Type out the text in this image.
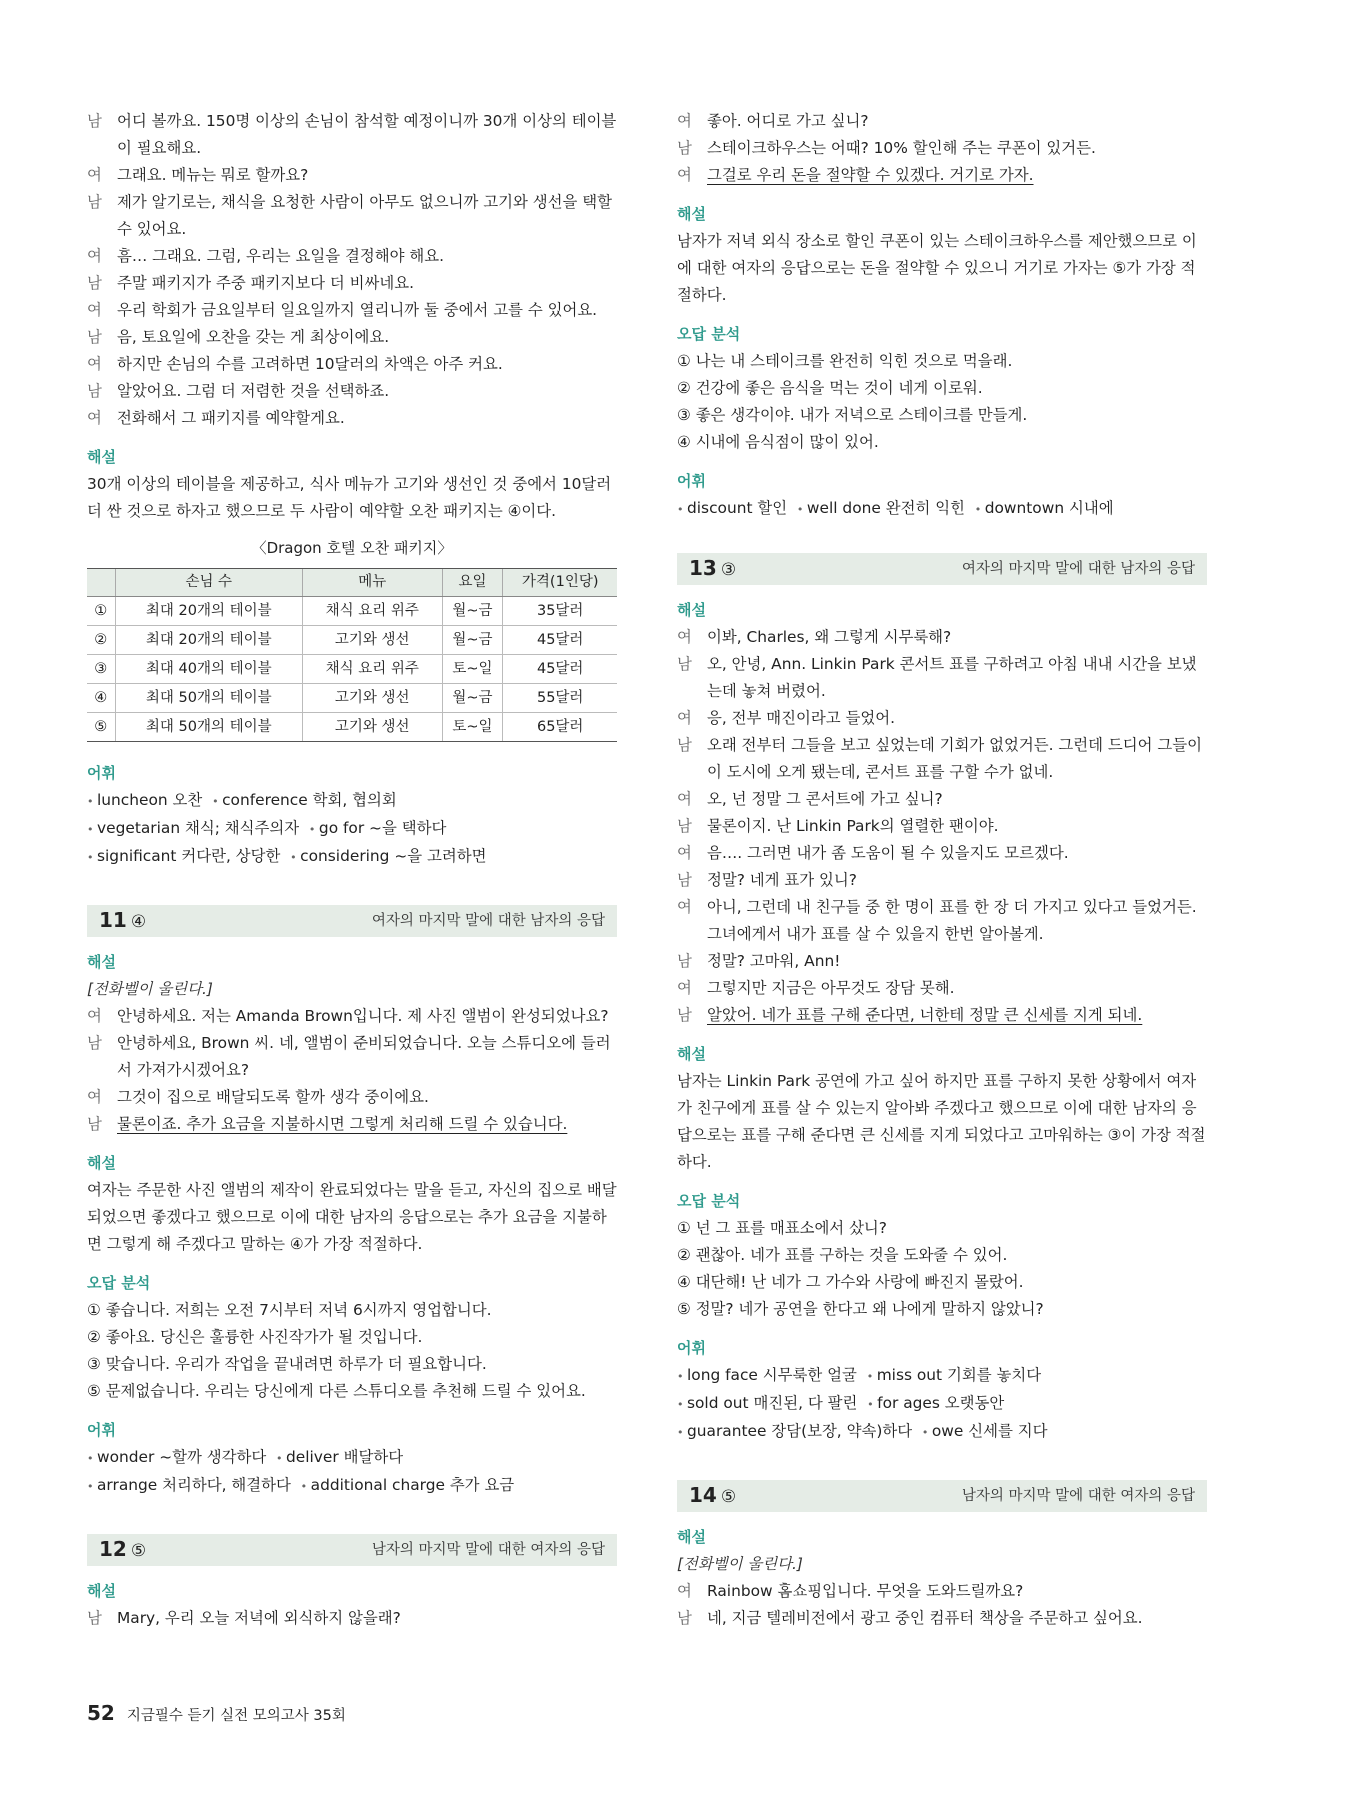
남 어디 볼까요. 150명 이상의 손님이 참석할 예정이니까 30개 이상의 테이블이 필요해요.
여 그래요. 메뉴는 뭐로 할까요?
남 제가 알기로는, 채식을 요청한 사람이 아무도 없으니까 고기와 생선을 택할 수 있어요.
여 흠… 그래요. 그럼, 우리는 요일을 결정해야 해요.
남 주말 패키지가 주중 패키지보다 더 비싸네요.
여 우리 학회가 금요일부터 일요일까지 열리니까 둘 중에서 고를 수 있어요.
남 음, 토요일에 오찬을 갖는 게 최상이에요.
여 하지만 손님의 수를 고려하면 10달러의 차액은 아주 커요.
남 알았어요. 그럼 더 저렴한 것을 선택하죠.
여 전화해서 그 패키지를 예약할게요.
해설
30개 이상의 테이블을 제공하고, 식사 메뉴가 고기와 생선인 것 중에서 10달러 더 싼 것으로 하자고 했으므로 두 사람이 예약할 오찬 패키지는 ④이다.
〈Dragon 호텔 오찬 패키지〉
	손님 수	메뉴	요일	가격(1인당)
①	최대 20개의 테이블	채식 요리 위주	월~금	35달러
②	최대 20개의 테이블	고기와 생선	월~금	45달러
③	최대 40개의 테이블	채식 요리 위주	토~일	45달러
④	최대 50개의 테이블	고기와 생선	월~금	55달러
⑤	최대 50개의 테이블	고기와 생선	토~일	65달러
어휘
• luncheon 오찬 • conference 학회, 협의회  • vegetarian 채식; 채식주의자 • go for ~을 택하다  • significant 커다란, 상당한 • considering ~을 고려하면
11 ④	여자의 마지막 말에 대한 남자의 응답
해설
[전화벨이 울린다.]
여 안녕하세요. 저는 Amanda Brown입니다. 제 사진 앨범이 완성되었나요?
남 안녕하세요, Brown 씨. 네, 앨범이 준비되었습니다. 오늘 스튜디오에 들러서 가져가시겠어요?
여 그것이 집으로 배달되도록 할까 생각 중이에요.
남 물론이죠. 추가 요금을 지불하시면 그렇게 처리해 드릴 수 있습니다.
해설
여자는 주문한 사진 앨범의 제작이 완료되었다는 말을 듣고, 자신의 집으로 배달되었으면 좋겠다고 했으므로 이에 대한 남자의 응답으로는 추가 요금을 지불하면 그렇게 해 주겠다고 말하는 ④가 가장 적절하다.
오답 분석
① 좋습니다. 저희는 오전 7시부터 저녁 6시까지 영업합니다.
② 좋아요. 당신은 훌륭한 사진작가가 될 것입니다.
③ 맞습니다. 우리가 작업을 끝내려면 하루가 더 필요합니다.
⑤ 문제없습니다. 우리는 당신에게 다른 스튜디오를 추천해 드릴 수 있어요.
어휘
• wonder ~할까 생각하다 • deliver 배달하다  • arrange 처리하다, 해결하다 • additional charge 추가 요금
12 ⑤	남자의 마지막 말에 대한 여자의 응답
해설
남 Mary, 우리 오늘 저녁에 외식하지 않을래?
여 좋아. 어디로 가고 싶니?
남 스테이크하우스는 어때? 10% 할인해 주는 쿠폰이 있거든.
여 그걸로 우리 돈을 절약할 수 있겠다. 거기로 가자.
해설
남자가 저녁 외식 장소로 할인 쿠폰이 있는 스테이크하우스를 제안했으므로 이에 대한 여자의 응답으로는 돈을 절약할 수 있으니 거기로 가자는 ⑤가 가장 적절하다.
오답 분석
① 나는 내 스테이크를 완전히 익힌 것으로 먹을래.
② 건강에 좋은 음식을 먹는 것이 네게 이로워.
③ 좋은 생각이야. 내가 저녁으로 스테이크를 만들게.
④ 시내에 음식점이 많이 있어.
어휘
• discount 할인 • well done 완전히 익힌 • downtown 시내에
13 ③	여자의 마지막 말에 대한 남자의 응답
해설
여 이봐, Charles, 왜 그렇게 시무룩해?
남 오, 안녕, Ann. Linkin Park 콘서트 표를 구하려고 아침 내내 시간을 보냈는데 놓쳐 버렸어.
여 응, 전부 매진이라고 들었어.
남 오래 전부터 그들을 보고 싶었는데 기회가 없었거든. 그런데 드디어 그들이 이 도시에 오게 됐는데, 콘서트 표를 구할 수가 없네.
여 오, 넌 정말 그 콘서트에 가고 싶니?
남 물론이지. 난 Linkin Park의 열렬한 팬이야.
여 음…. 그러면 내가 좀 도움이 될 수 있을지도 모르겠다.
남 정말? 네게 표가 있니?
여 아니, 그런데 내 친구들 중 한 명이 표를 한 장 더 가지고 있다고 들었거든. 그녀에게서 내가 표를 살 수 있을지 한번 알아볼게.
남 정말? 고마워, Ann!
여 그렇지만 지금은 아무것도 장담 못해.
남 알았어. 네가 표를 구해 준다면, 너한테 정말 큰 신세를 지게 되네.
해설
남자는 Linkin Park 공연에 가고 싶어 하지만 표를 구하지 못한 상황에서 여자가 친구에게 표를 살 수 있는지 알아봐 주겠다고 했으므로 이에 대한 남자의 응답으로는 표를 구해 준다면 큰 신세를 지게 되었다고 고마워하는 ③이 가장 적절하다.
오답 분석
① 넌 그 표를 매표소에서 샀니?
② 괜찮아. 네가 표를 구하는 것을 도와줄 수 있어.
④ 대단해! 난 네가 그 가수와 사랑에 빠진지 몰랐어.
⑤ 정말? 네가 공연을 한다고 왜 나에게 말하지 않았니?
어휘
• long face 시무룩한 얼굴 • miss out 기회를 놓치다  • sold out 매진된, 다 팔린 • for ages 오랫동안  • guarantee 장담(보장, 약속)하다 • owe 신세를 지다
14 ⑤	남자의 마지막 말에 대한 여자의 응답
해설
[전화벨이 울린다.]
여 Rainbow 홈쇼핑입니다. 무엇을 도와드릴까요?
남 네, 지금 텔레비전에서 광고 중인 컴퓨터 책상을 주문하고 싶어요.
52 지금필수 듣기 실전 모의고사 35회
